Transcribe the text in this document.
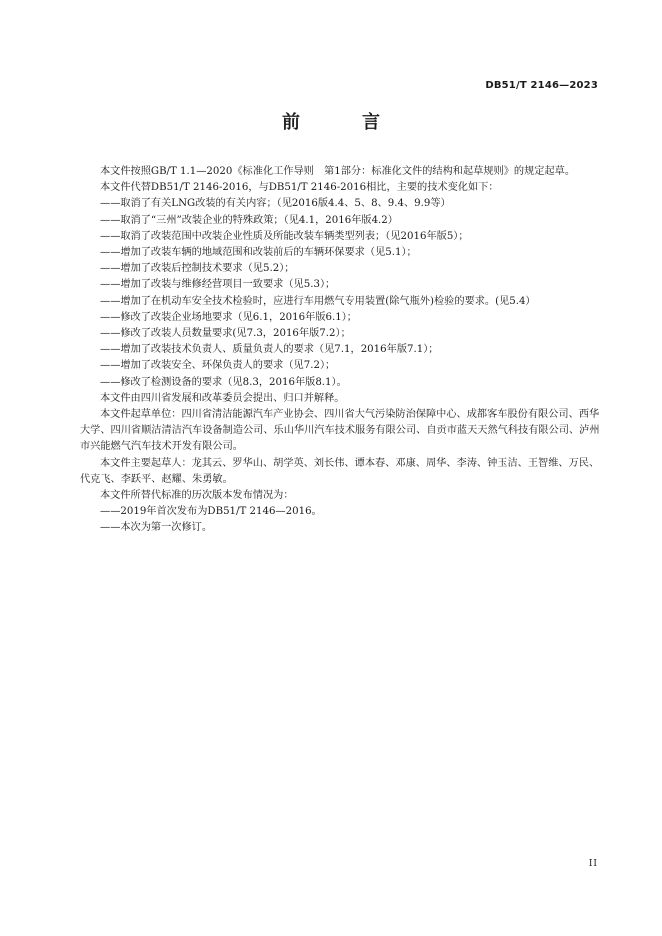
DB51/T 2146—2023
前　言

本文件按照GB/T 1.1—2020《标准化工作导则　第1部分：标准化文件的结构和起草规则》的规定起草。

本文件代替DB51/T 2146-2016，与DB51/T 2146-2016相比，主要的技术变化如下：

——取消了有关LNG改装的有关内容；（见2016版4.4、5、8、9.4、9.9等）

——取消了“三州”改装企业的特殊政策；（见4.1，2016年版4.2）

——取消了改装范围中改装企业性质及所能改装车辆类型列表；（见2016年版5）；

——增加了改装车辆的地域范围和改装前后的车辆环保要求（见5.1）；

——增加了改装后控制技术要求（见5.2）；

——增加了改装与维修经营项目一致要求（见5.3）；

——增加了在机动车安全技术检验时，应进行车用燃气专用装置(除气瓶外)检验的要求。(见5.4）

——修改了改装企业场地要求（见6.1，2016年版6.1）；

——修改了改装人员数量要求(见7.3，2016年版7.2）；

——增加了改装技术负责人、质量负责人的要求（见7.1，2016年版7.1）；

——增加了改装安全、环保负责人的要求（见7.2）；

——修改了检测设备的要求（见8.3，2016年版8.1）。

本文件由四川省发展和改革委员会提出、归口并解释。

本文件起草单位：四川省清洁能源汽车产业协会、四川省大气污染防治保障中心、成都客车股份有限公司、西华大学、四川省顺洁清洁汽车设备制造公司、乐山华川汽车技术服务有限公司、自贡市蓝天天然气科技有限公司、泸州市兴能燃气汽车技术开发有限公司。

本文件主要起草人：龙其云、罗华山、胡学英、刘长伟、谭本春、邓康、周华、李涛、钟玉洁、王智维、万民、代克飞、李跃平、赵耀、朱勇敏。

本文件所替代标准的历次版本发布情况为：

——2019年首次发布为DB51/T 2146—2016。

——本次为第一次修订。

II
